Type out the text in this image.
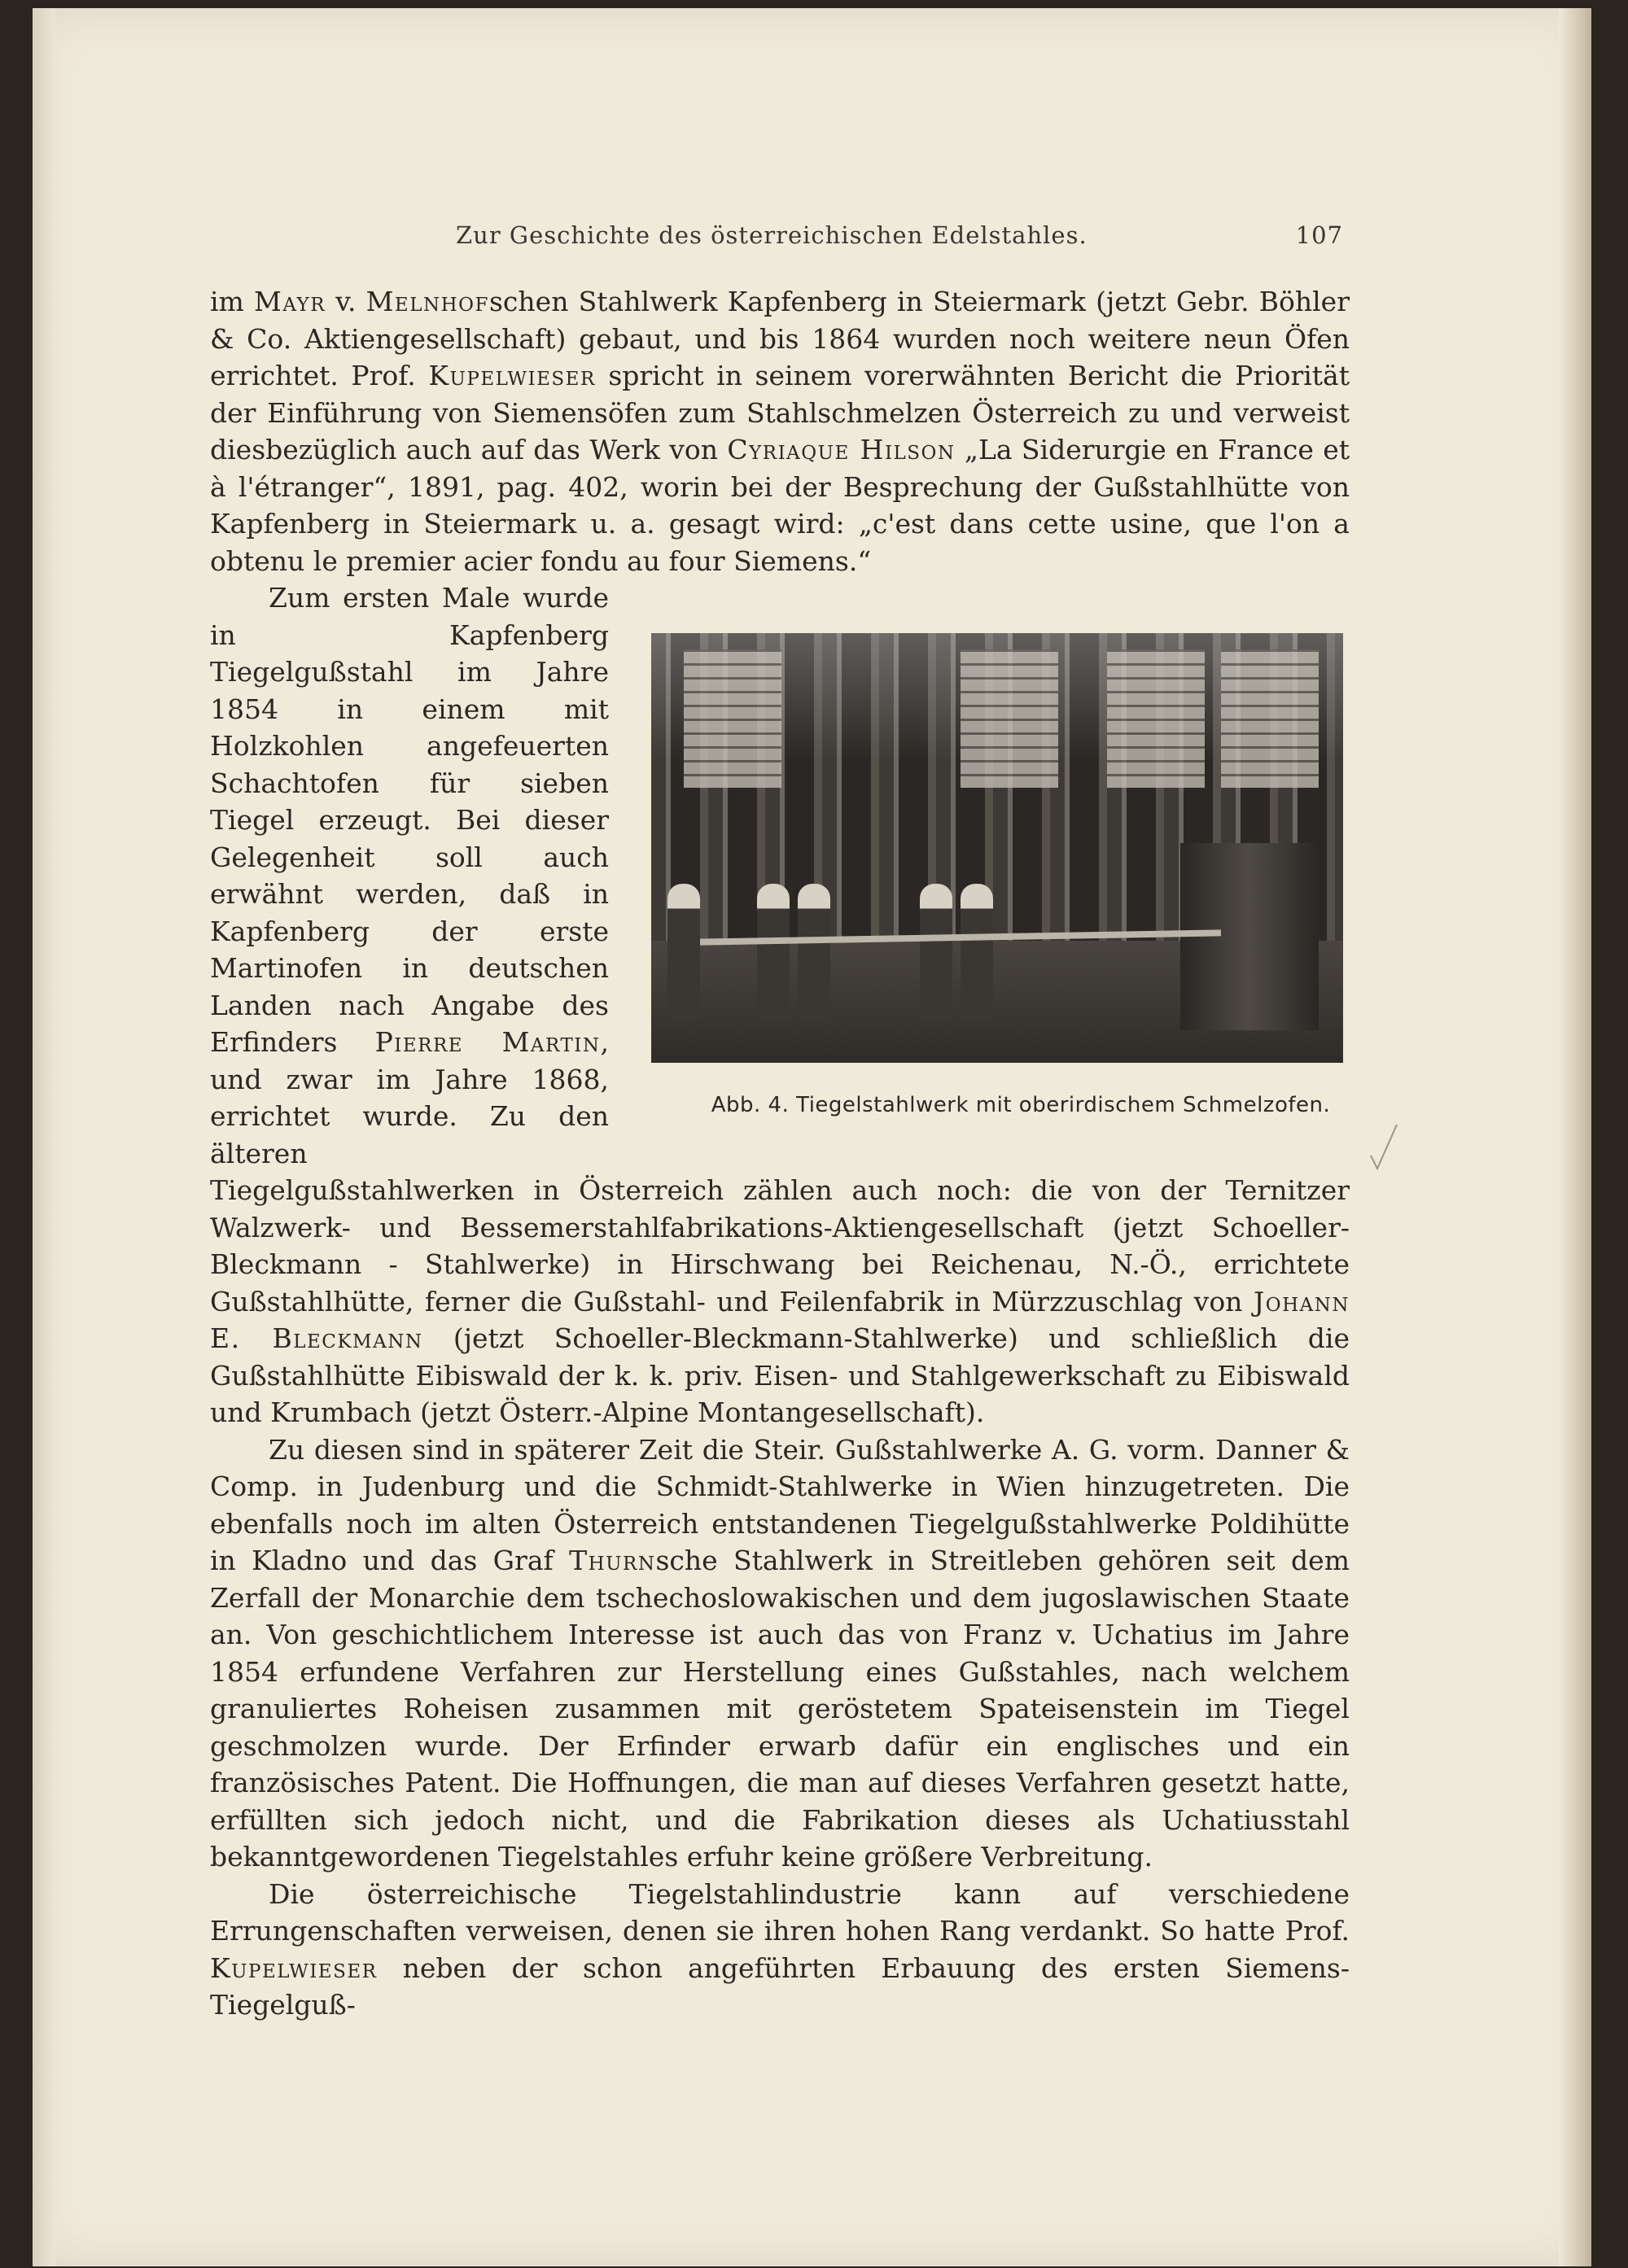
Zur Geschichte des österreichischen Edelstahles.	107

im Mayr v. Melnhofschen Stahlwerk Kapfenberg in Steiermark (jetzt Gebr. Böhler & Co. Aktiengesellschaft) gebaut, und bis 1864 wurden noch weitere neun Öfen errichtet. Prof. Kupelwieser spricht in seinem vorerwähnten Bericht die Priorität der Einführung von Siemensöfen zum Stahlschmelzen Österreich zu und verweist diesbezüglich auch auf das Werk von Cyriaque Hilson „La Siderurgie en France et à l'étranger“, 1891, pag. 402, worin bei der Besprechung der Gußstahlhütte von Kapfenberg in Steiermark u. a. gesagt wird: „c'est dans cette usine, que l'on a obtenu le premier acier fondu au four Siemens.“

Abb. 4. Tiegelstahlwerk mit oberirdischem Schmelzofen.
Zum ersten Male wurde in Kapfenberg Tiegelgußstahl im Jahre 1854 in einem mit Holzkohlen angefeuerten Schachtofen für sieben Tiegel erzeugt. Bei dieser Gelegenheit soll auch erwähnt werden, daß in Kapfenberg der erste Martinofen in deutschen Landen nach Angabe des Erfinders Pierre Martin, und zwar im Jahre 1868, errichtet wurde. Zu den älteren Tiegelgußstahlwerken in Österreich zählen auch noch: die von der Ternitzer Walzwerk- und Bessemerstahlfabrikations-Aktiengesellschaft (jetzt Schoeller-Bleckmann - Stahlwerke) in Hirschwang bei Reichenau, N.-Ö., errichtete Gußstahlhütte, ferner die Gußstahl- und Feilenfabrik in Mürzzuschlag von Johann E. Bleckmann (jetzt Schoeller-Bleckmann-Stahlwerke) und schließlich die Gußstahlhütte Eibiswald der k. k. priv. Eisen- und Stahlgewerkschaft zu Eibiswald und Krumbach (jetzt Österr.-Alpine Montangesellschaft).

Zu diesen sind in späterer Zeit die Steir. Gußstahlwerke A. G. vorm. Danner & Comp. in Judenburg und die Schmidt-Stahlwerke in Wien hinzugetreten. Die ebenfalls noch im alten Österreich entstandenen Tiegelgußstahlwerke Poldihütte in Kladno und das Graf Thurnsche Stahlwerk in Streitleben gehören seit dem Zerfall der Monarchie dem tschechoslowakischen und dem jugoslawischen Staate an. Von geschichtlichem Interesse ist auch das von Franz v. Uchatius im Jahre 1854 erfundene Verfahren zur Herstellung eines Gußstahles, nach welchem granuliertes Roheisen zusammen mit geröstetem Spateisenstein im Tiegel geschmolzen wurde. Der Erfinder erwarb dafür ein englisches und ein französisches Patent. Die Hoffnungen, die man auf dieses Verfahren gesetzt hatte, erfüllten sich jedoch nicht, und die Fabrikation dieses als Uchatiusstahl bekanntgewordenen Tiegelstahles erfuhr keine größere Verbreitung.

Die österreichische Tiegelstahlindustrie kann auf verschiedene Errungenschaften verweisen, denen sie ihren hohen Rang verdankt. So hatte Prof. Kupelwieser neben der schon angeführten Erbauung des ersten Siemens-Tiegelguß-
